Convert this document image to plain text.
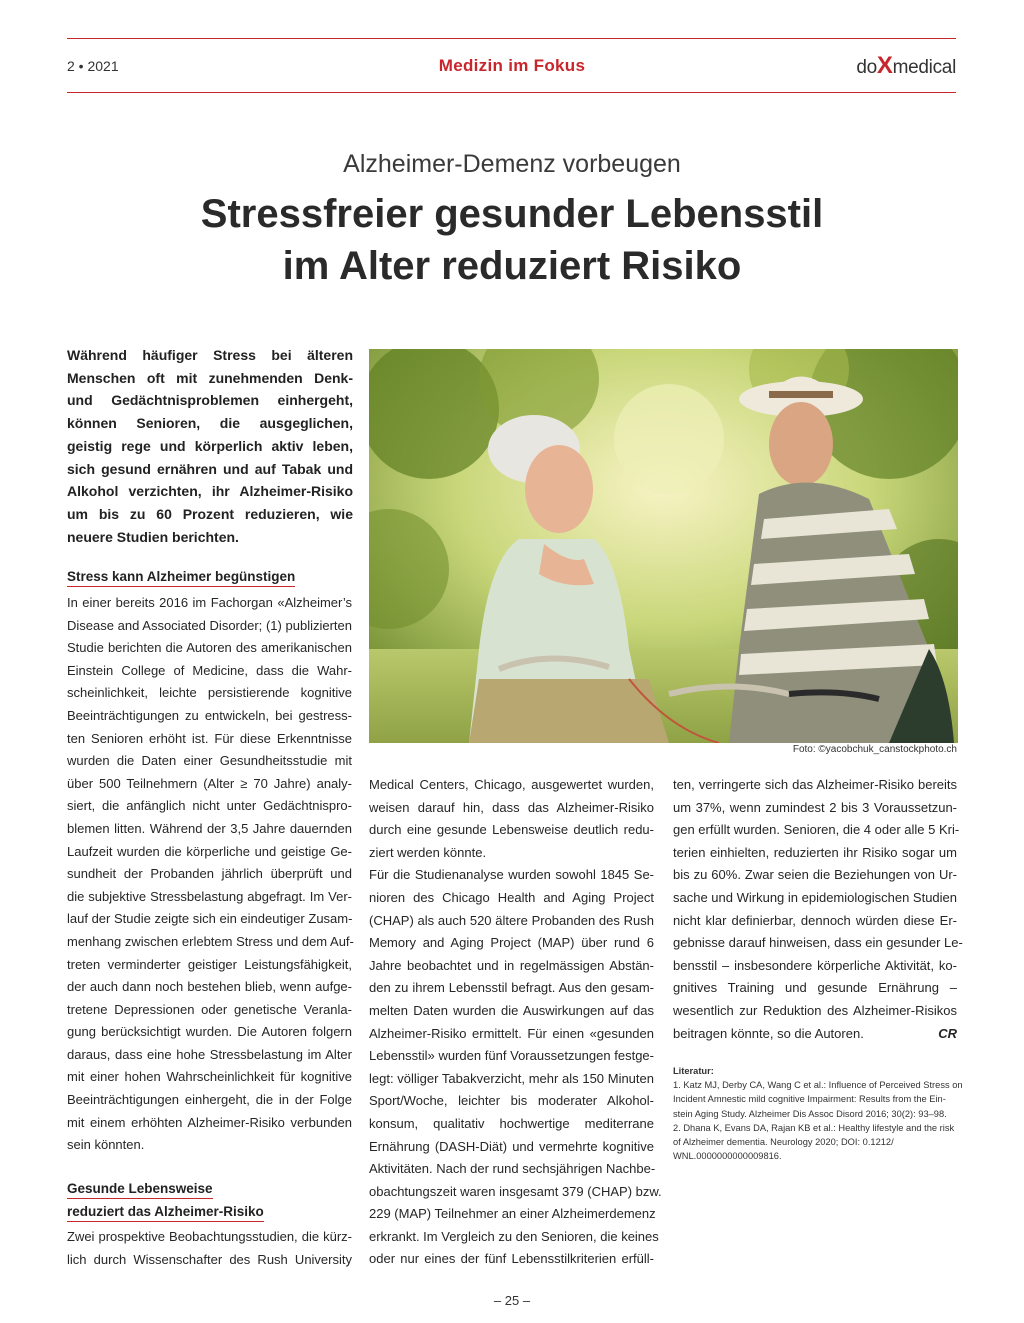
2 • 2021	Medizin im Fokus	doXmedical
Alzheimer-Demenz vorbeugen
Stressfreier gesunder Lebensstil
im Alter reduziert Risiko
Während häufiger Stress bei älteren
Menschen oft mit zunehmenden Denk-
und Gedächtnisproblemen einhergeht,
können Senioren, die ausgeglichen,
geistig rege und körperlich aktiv leben,
sich gesund ernähren und auf Tabak und
Alkohol verzichten, ihr Alzheimer-Risiko
um bis zu 60 Prozent reduzieren, wie
neuere Studien berichten.
Foto: ©yacobchuk_canstockphoto.ch
Stress kann Alzheimer begünstigen
In einer bereits 2016 im Fachorgan «Alzheimer’s
Disease and Associated Disorder; (1) publizierten
Studie berichten die Autoren des amerikanischen
Einstein College of Medicine, dass die Wahr-
scheinlichkeit, leichte persistierende kognitive
Beeinträchtigungen zu entwickeln, bei gestress-
ten Senioren erhöht ist. Für diese Erkenntnisse
wurden die Daten einer Gesundheitsstudie mit
über 500 Teilnehmern (Alter ≥ 70 Jahre) analy-
siert, die anfänglich nicht unter Gedächtnispro-
blemen litten. Während der 3,5 Jahre dauernden
Laufzeit wurden die körperliche und geistige Ge-
sundheit der Probanden jährlich überprüft und
die subjektive Stressbelastung abgefragt. Im Ver-
lauf der Studie zeigte sich ein eindeutiger Zusam-
menhang zwischen erlebtem Stress und dem Auf-
treten verminderter geistiger Leistungsfähigkeit,
der auch dann noch bestehen blieb, wenn aufge-
tretene Depressionen oder genetische Veranla-
gung berücksichtigt wurden. Die Autoren folgern
daraus, dass eine hohe Stressbelastung im Alter
mit einer hohen Wahrscheinlichkeit für kognitive
Beeinträchtigungen einhergeht, die in der Folge
mit einem erhöhten Alzheimer-Risiko verbunden
sein könnten.
Gesunde Lebensweise
reduziert das Alzheimer-Risiko
Zwei prospektive Beobachtungsstudien, die kürz-
lich durch Wissenschafter des Rush University
Medical Centers, Chicago, ausgewertet wurden,
weisen darauf hin, dass das Alzheimer-Risiko
durch eine gesunde Lebensweise deutlich redu-
ziert werden könnte.
Für die Studienanalyse wurden sowohl 1845 Se-
nioren des Chicago Health and Aging Project
(CHAP) als auch 520 ältere Probanden des Rush
Memory and Aging Project (MAP) über rund 6
Jahre beobachtet und in regelmässigen Abstän-
den zu ihrem Lebensstil befragt. Aus den gesam-
melten Daten wurden die Auswirkungen auf das
Alzheimer-Risiko ermittelt. Für einen «gesunden
Lebensstil» wurden fünf Voraussetzungen festge-
legt: völliger Tabakverzicht, mehr als 150 Minuten
Sport/Woche, leichter bis moderater Alkohol-
konsum, qualitativ hochwertige mediterrane
Ernährung (DASH-Diät) und vermehrte kognitive
Aktivitäten. Nach der rund sechsjährigen Nachbe-
obachtungszeit waren insgesamt 379 (CHAP) bzw.
229 (MAP) Teilnehmer an einer Alzheimerdemenz
erkrankt. Im Vergleich zu den Senioren, die keines
oder nur eines der fünf Lebensstilkriterien erfüll-
ten, verringerte sich das Alzheimer-Risiko bereits
um 37%, wenn zumindest 2 bis 3 Voraussetzun-
gen erfüllt wurden. Senioren, die 4 oder alle 5 Kri-
terien einhielten, reduzierten ihr Risiko sogar um
bis zu 60%. Zwar seien die Beziehungen von Ur-
sache und Wirkung in epidemiologischen Studien
nicht klar definierbar, dennoch würden diese Er-
gebnisse darauf hinweisen, dass ein gesunder Le-
bensstil – insbesondere körperliche Aktivität, ko-
gnitives Training und gesunde Ernährung –
wesentlich zur Reduktion des Alzheimer-Risikos
beitragen könnte, so die Autoren.	CR
Literatur:
1. Katz MJ, Derby CA, Wang C et al.: Influence of Perceived Stress on
Incident Amnestic mild cognitive Impairment: Results from the Ein-
stein Aging Study. Alzheimer Dis Assoc Disord 2016; 30(2): 93–98.
2. Dhana K, Evans DA, Rajan KB et al.: Healthy lifestyle and the risk
of Alzheimer dementia. Neurology 2020; DOI: 0.1212/
WNL.0000000000009816.
– 25 –
